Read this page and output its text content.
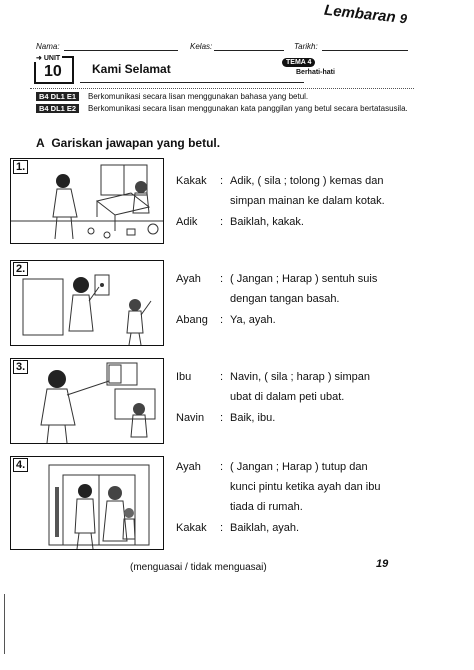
Lembaran 9
Nama:	Kelas:	Tarikh:
➜ UNIT
10	Kami Selamat	TEMA 4
Berhati-hati
B4 DL1 E1	Berkomunikasi secara lisan menggunakan bahasa yang betul.
B4 DL1 E2	Berkomunikasi secara lisan menggunakan kata panggilan yang betul secara bertatasusila.
A Gariskan jawapan yang betul.
1.
2.
3.
4.
Kakak	: Adik, ( sila ; tolong ) kemas dan
simpan mainan ke dalam kotak.
Adik	: Baiklah, kakak.
Ayah	: ( Jangan ; Harap ) sentuh suis
dengan tangan basah.
Abang	: Ya, ayah.
Ibu	: Navin, ( sila ; harap ) simpan
ubat di dalam peti ubat.
Navin	: Baik, ibu.
Ayah	: ( Jangan ; Harap ) tutup dan
kunci pintu ketika ayah dan ibu
tiada di rumah.
Kakak	: Baiklah, ayah.
(menguasai / tidak menguasai)	19
